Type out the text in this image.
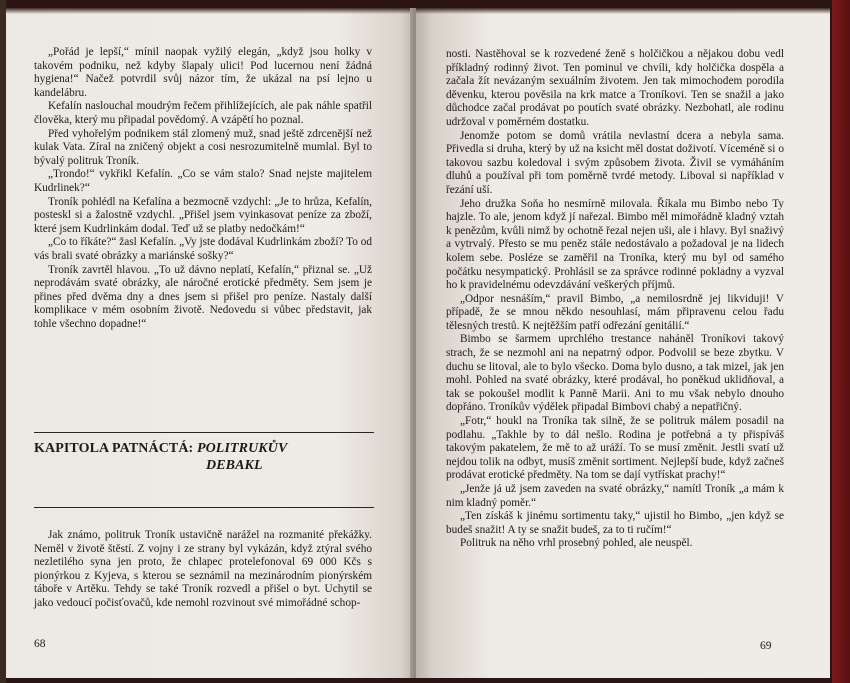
„Pořád je lepší,“ mínil naopak vyžilý elegán, „když jsou holky v takovém podniku, než kdyby šlapaly ulici! Pod lucernou není žádná hygiena!“ Načež potvrdil svůj názor tím, že ukázal na psí lejno u kandelábru.

Kefalín naslouchal moudrým řečem přihlížejících, ale pak náhle spatřil člověka, který mu připadal povědomý. A vzápětí ho poznal.

Před vyhořelým podnikem stál zlomený muž, snad ještě zdrcenější než kulak Vata. Zíral na zničený objekt a cosi nesrozumitelně mumlal. Byl to bývalý politruk Troník.

„Trondo!“ vykřikl Kefalín. „Co se vám stalo? Snad nejste majitelem Kudrlinek?“

Troník pohlédl na Kefalína a bezmocně vzdychl: „Je to hrůza, Kefalín, posteskl si a žalostně vzdychl. „Přišel jsem vyinkasovat peníze za zboží, které jsem Kudrlinkám dodal. Teď už se platby nedočkám!“

„Co to říkáte?“ žasl Kefalín. „Vy jste dodával Kudrlinkám zboží? To od vás brali svaté obrázky a mariánské sošky?“

Troník zavrtěl hlavou. „To už dávno neplatí, Kefalín,“ přiznal se. „Už neprodávám svaté obrázky, ale náročné erotické předměty. Sem jsem je přines před dvěma dny a dnes jsem si přišel pro peníze. Nastaly další komplikace v mém osobním životě. Nedovedu si vůbec představit, jak tohle všechno dopadne!“

KAPITOLA PATNÁCTÁ: POLITRUKŮV
DEBAKL

Jak známo, politruk Troník ustavičně narážel na rozmanité překážky. Neměl v životě štěstí. Z vojny i ze strany byl vykázán, když ztýral svého nezletilého syna jen proto, že chlapec protelefonoval 69 000 Kčs s pionýrkou z Kyjeva, s kterou se seznámil na mezinárodním pionýrském táboře v Artěku. Tehdy se také Troník rozvedl a přišel o byt. Uchytil se jako vedoucí počisťovačů, kde nemohl rozvinout své mimořádné schop-

68

nosti. Nastěhoval se k rozvedené ženě s holčičkou a nějakou dobu vedl příkladný rodinný život. Ten pominul ve chvíli, kdy holčička dospěla a začala žít nevázaným sexuálním životem. Jen tak mimochodem porodila děvenku, kterou pověsila na krk matce a Troníkovi. Ten se snažil a jako důchodce začal prodávat po poutích svaté obrázky. Nezbohatl, ale rodinu udržoval v poměrném dostatku.

Jenomže potom se domů vrátila nevlastní dcera a nebyla sama. Přivedla si druha, který by už na ksicht měl dostat doživotí. Víceméně si o takovou sazbu koledoval i svým způsobem života. Živil se vymáháním dluhů a používal při tom poměrně tvrdé metody. Liboval si například v řezání uší.

Jeho družka Soňa ho nesmírně milovala. Říkala mu Bimbo nebo Ty hajzle. To ale, jenom když jí nařezal. Bimbo měl mimořádně kladný vztah k penězům, kvůli nimž by ochotně řezal nejen uši, ale i hlavy. Byl snaživý a vytrvalý. Přesto se mu peněz stále nedostávalo a požadoval je na lidech kolem sebe. Posléze se zaměřil na Troníka, který mu byl od samého počátku nesympatický. Prohlásil se za správce rodinné pokladny a vyzval ho k pravidelnému odevzdávání veškerých příjmů.

„Odpor nesnáším,“ pravil Bimbo, „a nemilosrdně jej likviduji! V případě, že se mnou někdo nesouhlasí, mám připravenu celou řadu tělesných trestů. K nejtěžším patří odřezání genitálií.“

Bimbo se šarmem uprchlého trestance naháněl Troníkovi takový strach, že se nezmohl ani na nepatrný odpor. Podvolil se beze zbytku. V duchu se litoval, ale to bylo všecko. Doma bylo dusno, a tak mizel, jak jen mohl. Pohled na svaté obrázky, které prodával, ho poněkud uklidňoval, a tak se pokoušel modlit k Panně Marii. Ani to mu však nebylo dnouho dopřáno. Troníkův výdělek připadal Bimbovi chabý a nepatřičný.

„Fotr,“ houkl na Troníka tak silně, že se politruk málem posadil na podlahu. „Takhle by to dál nešlo. Rodina je potřebná a ty přispíváš takovým pakatelem, že mě to až uráží. To se musí změnit. Jestli svatí už nejdou tolik na odbyt, musíš změnit sortiment. Nejlepší bude, když začneš prodávat erotické předměty. Na tom se dají vytřískat prachy!“

„Jenže já už jsem zaveden na svaté obrázky,“ namítl Troník „a mám k nim kladný poměr.“

„Ten získáš k jinému sortimentu taky,“ ujistil ho Bimbo, „jen když se budeš snažit! A ty se snažit budeš, za to ti ručím!“

Politruk na něho vrhl prosebný pohled, ale neuspěl.

69
